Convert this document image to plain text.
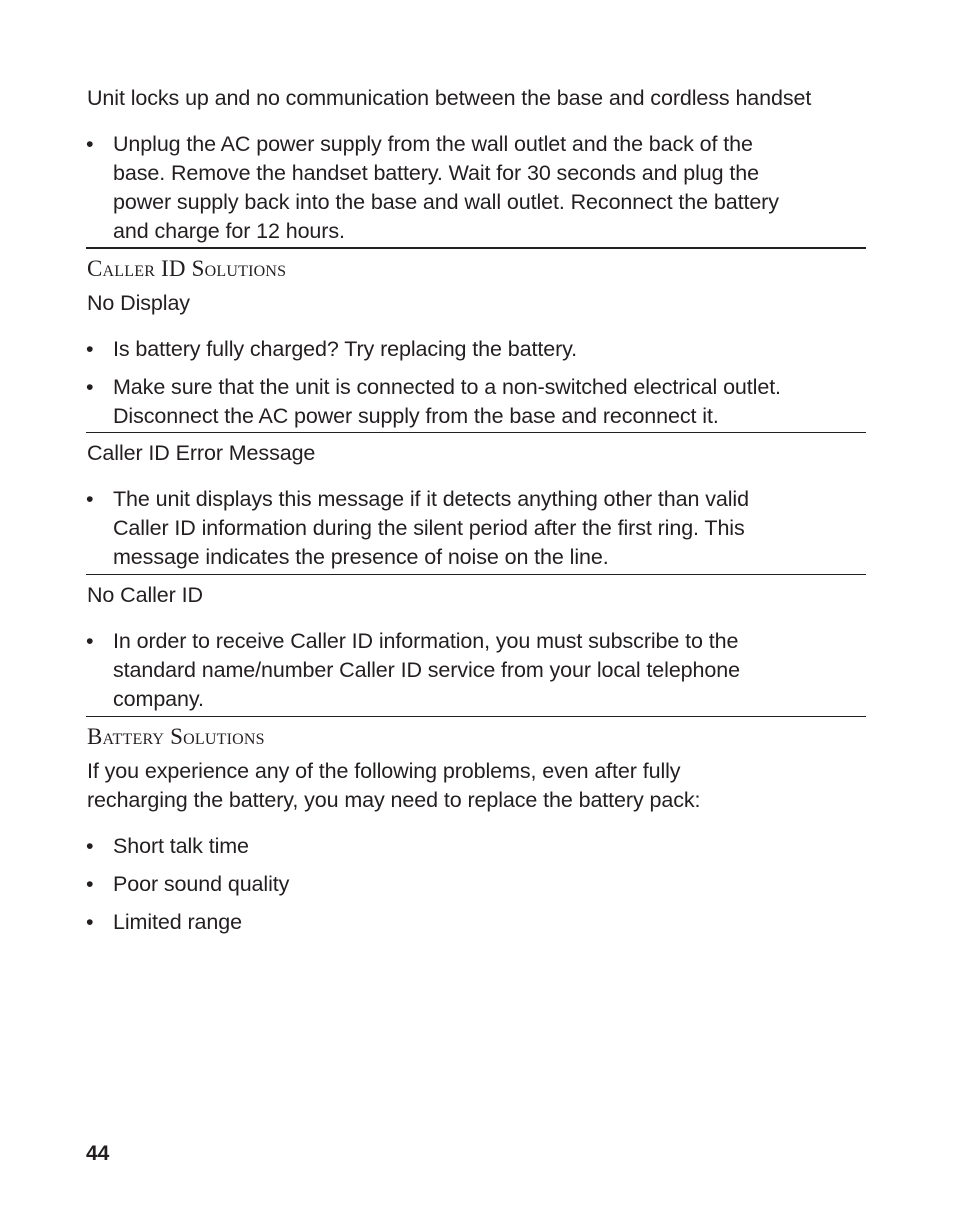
Unit locks up and no communication between the base and cordless handset
• Unplug the AC power supply from the wall outlet and the back of the
base. Remove the handset battery. Wait for 30 seconds and plug the
power supply back into the base and wall outlet. Reconnect the battery
and charge for 12 hours.
Caller ID Solutions
No Display
• Is battery fully charged? Try replacing the battery.
• Make sure that the unit is connected to a non-switched electrical outlet.
Disconnect the AC power supply from the base and reconnect it.
Caller ID Error Message
• The unit displays this message if it detects anything other than valid
Caller ID information during the silent period after the first ring. This
message indicates the presence of noise on the line.
No Caller ID
• In order to receive Caller ID information, you must subscribe to the
standard name/number Caller ID service from your local telephone
company.
Battery Solutions
If you experience any of the following problems, even after fully
recharging the battery, you may need to replace the battery pack:
• Short talk time
• Poor sound quality
• Limited range
44
